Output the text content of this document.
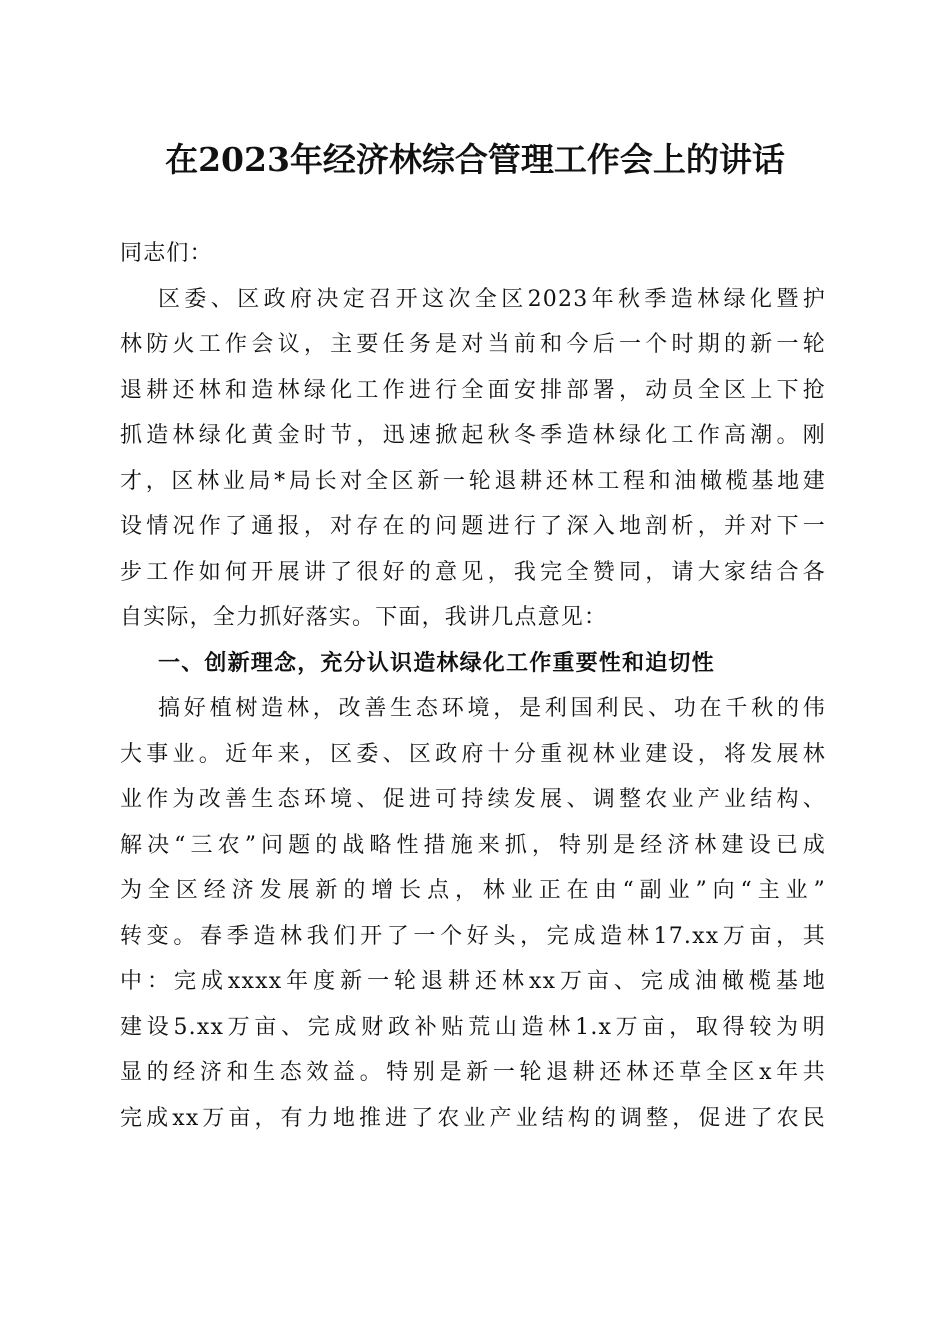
在2023年经济林综合管理工作会上的讲话
同志们：
区委、区政府决定召开这次全区2023年秋季造林绿化暨护
林防火工作会议，主要任务是对当前和今后一个时期的新一轮
退耕还林和造林绿化工作进行全面安排部署，动员全区上下抢
抓造林绿化黄金时节，迅速掀起秋冬季造林绿化工作高潮。刚
才，区林业局*局长对全区新一轮退耕还林工程和油橄榄基地建
设情况作了通报，对存在的问题进行了深入地剖析，并对下一
步工作如何开展讲了很好的意见，我完全赞同，请大家结合各
自实际，全力抓好落实。下面，我讲几点意见：
一、创新理念，充分认识造林绿化工作重要性和迫切性
搞好植树造林，改善生态环境，是利国利民、功在千秋的伟
大事业。近年来，区委、区政府十分重视林业建设，将发展林
业作为改善生态环境、促进可持续发展、调整农业产业结构、
解决“三农”问题的战略性措施来抓，特别是经济林建设已成
为全区经济发展新的增长点，林业正在由“副业”向“主业”
转变。春季造林我们开了一个好头，完成造林17.xx万亩，其
中：完成xxxx年度新一轮退耕还林xx万亩、完成油橄榄基地
建设5.xx万亩、完成财政补贴荒山造林1.x万亩，取得较为明
显的经济和生态效益。特别是新一轮退耕还林还草全区x年共
完成xx万亩，有力地推进了农业产业结构的调整，促进了农民
